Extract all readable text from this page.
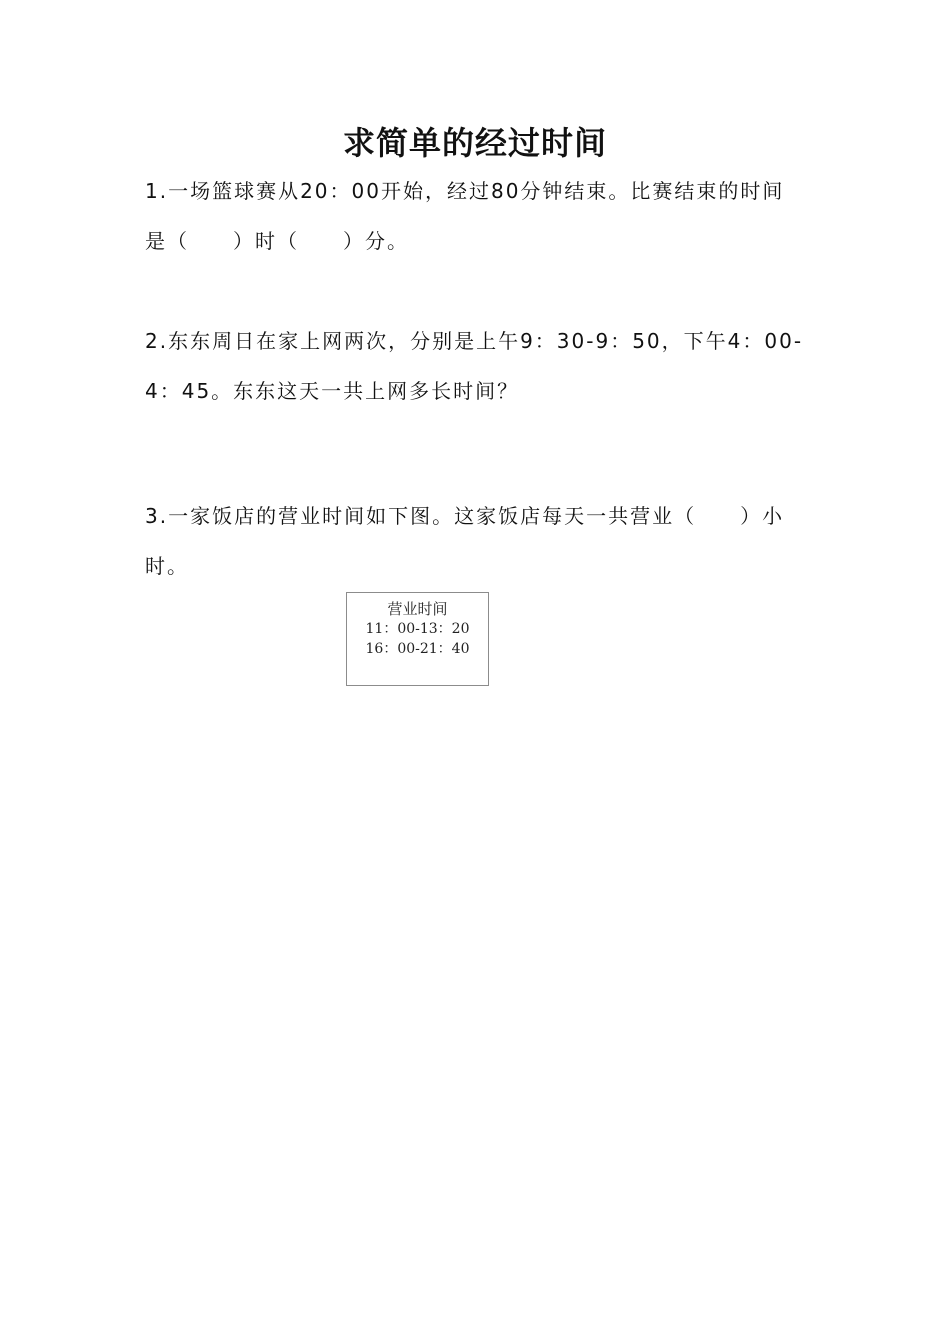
求简单的经过时间
1.一场篮球赛从20：00开始，经过80分钟结束。比赛结束的时间
是（　　）时（　　）分。
2.东东周日在家上网两次，分别是上午9：30-9：50，下午4：00-
4：45。东东这天一共上网多长时间？
3.一家饭店的营业时间如下图。这家饭店每天一共营业（　　）小
时。
营业时间
11：00-13：20
16：00-21：40
